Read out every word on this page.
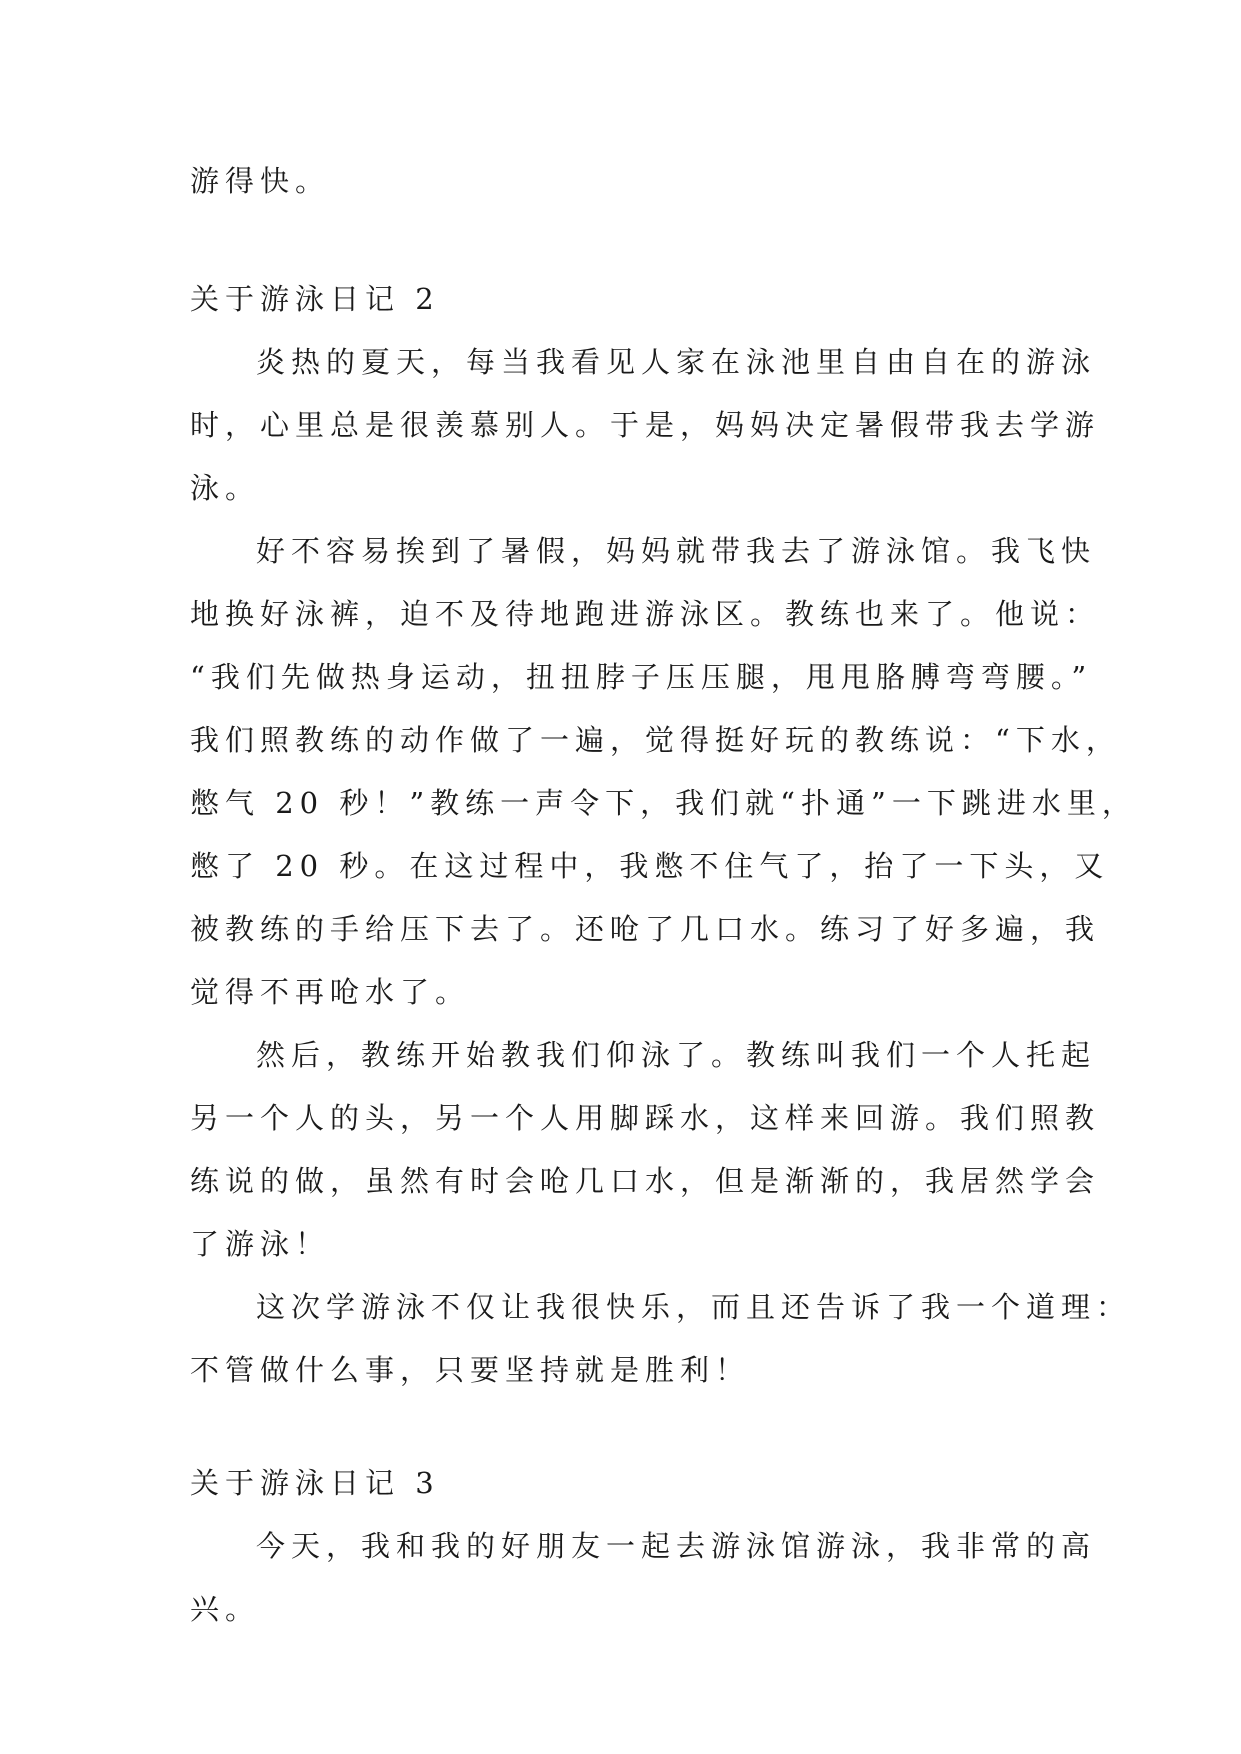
游得快。
关于游泳日记 2
炎热的夏天，每当我看见人家在泳池里自由自在的游泳
时，心里总是很羡慕别人。于是，妈妈决定暑假带我去学游
泳。
好不容易挨到了暑假，妈妈就带我去了游泳馆。我飞快
地换好泳裤，迫不及待地跑进游泳区。教练也来了。他说：
“我们先做热身运动，扭扭脖子压压腿，甩甩胳膊弯弯腰。”
我们照教练的动作做了一遍，觉得挺好玩的教练说：“下水，
憋气 20 秒！”教练一声令下，我们就“扑通”一下跳进水里，
憋了 20 秒。在这过程中，我憋不住气了，抬了一下头，又
被教练的手给压下去了。还呛了几口水。练习了好多遍，我
觉得不再呛水了。
然后，教练开始教我们仰泳了。教练叫我们一个人托起
另一个人的头，另一个人用脚踩水，这样来回游。我们照教
练说的做，虽然有时会呛几口水，但是渐渐的，我居然学会
了游泳！
这次学游泳不仅让我很快乐，而且还告诉了我一个道理：
不管做什么事，只要坚持就是胜利！
关于游泳日记 3
今天，我和我的好朋友一起去游泳馆游泳，我非常的高
兴。
